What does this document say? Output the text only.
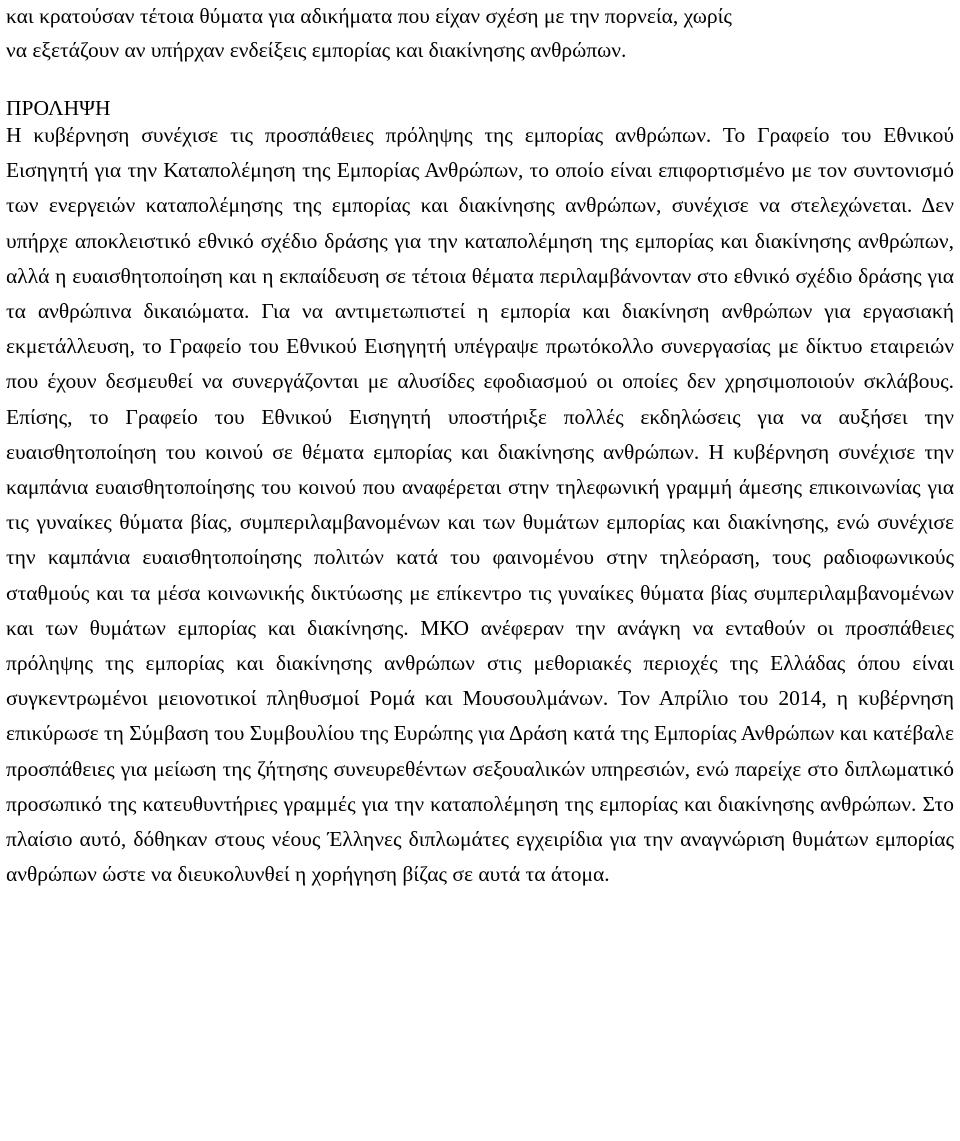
και κρατούσαν τέτοια θύματα για αδικήματα που είχαν σχέση με την πορνεία, χωρίς
να εξετάζουν αν υπήρχαν ενδείξεις εμπορίας και διακίνησης ανθρώπων.
ΠΡΟΛΗΨΗ
Η κυβέρνηση συνέχισε τις προσπάθειες πρόληψης της εμπορίας ανθρώπων. Το Γραφείο του Εθνικού Εισηγητή για την Καταπολέμηση της Εμπορίας Ανθρώπων, το οποίο είναι επιφορτισμένο με τον συντονισμό των ενεργειών καταπολέμησης της εμπορίας και διακίνησης ανθρώπων, συνέχισε να στελεχώνεται. Δεν υπήρχε αποκλειστικό εθνικό σχέδιο δράσης για την καταπολέμηση της εμπορίας και διακίνησης ανθρώπων, αλλά η ευαισθητοποίηση και η εκπαίδευση σε τέτοια θέματα περιλαμβάνονταν στο εθνικό σχέδιο δράσης για τα ανθρώπινα δικαιώματα. Για να αντιμετωπιστεί η εμπορία και διακίνηση ανθρώπων για εργασιακή εκμετάλλευση, το Γραφείο του Εθνικού Εισηγητή υπέγραψε πρωτόκολλο συνεργασίας με δίκτυο εταιρειών που έχουν δεσμευθεί να συνεργάζονται με αλυσίδες εφοδιασμού οι οποίες δεν χρησιμοποιούν σκλάβους. Επίσης, το Γραφείο του Εθνικού Εισηγητή υποστήριξε πολλές εκδηλώσεις για να αυξήσει την ευαισθητοποίηση του κοινού σε θέματα εμπορίας και διακίνησης ανθρώπων. Η κυβέρνηση συνέχισε την καμπάνια ευαισθητοποίησης του κοινού που αναφέρεται στην τηλεφωνική γραμμή άμεσης επικοινωνίας για τις γυναίκες θύματα βίας, συμπεριλαμβανομένων και των θυμάτων εμπορίας και διακίνησης, ενώ συνέχισε την καμπάνια ευαισθητοποίησης πολιτών κατά του φαινομένου στην τηλεόραση, τους ραδιοφωνικούς σταθμούς και τα μέσα κοινωνικής δικτύωσης με επίκεντρο τις γυναίκες θύματα βίας συμπεριλαμβανομένων και των θυμάτων εμπορίας και διακίνησης. ΜΚΟ ανέφεραν την ανάγκη να ενταθούν οι προσπάθειες πρόληψης της εμπορίας και διακίνησης ανθρώπων στις μεθοριακές περιοχές της Ελλάδας όπου είναι συγκεντρωμένοι μειονοτικοί πληθυσμοί Ρομά και Μουσουλμάνων. Τον Απρίλιο του 2014, η κυβέρνηση επικύρωσε τη Σύμβαση του Συμβουλίου της Ευρώπης για Δράση κατά της Εμπορίας Ανθρώπων και κατέβαλε προσπάθειες για μείωση της ζήτησης συνευρεθέντων σεξουαλικών υπηρεσιών, ενώ παρείχε στο διπλωματικό προσωπικό της κατευθυντήριες γραμμές για την καταπολέμηση της εμπορίας και διακίνησης ανθρώπων. Στο πλαίσιο αυτό, δόθηκαν στους νέους Έλληνες διπλωμάτες εγχειρίδια για την αναγνώριση θυμάτων εμπορίας ανθρώπων ώστε να διευκολυνθεί η χορήγηση βίζας σε αυτά τα άτομα.
